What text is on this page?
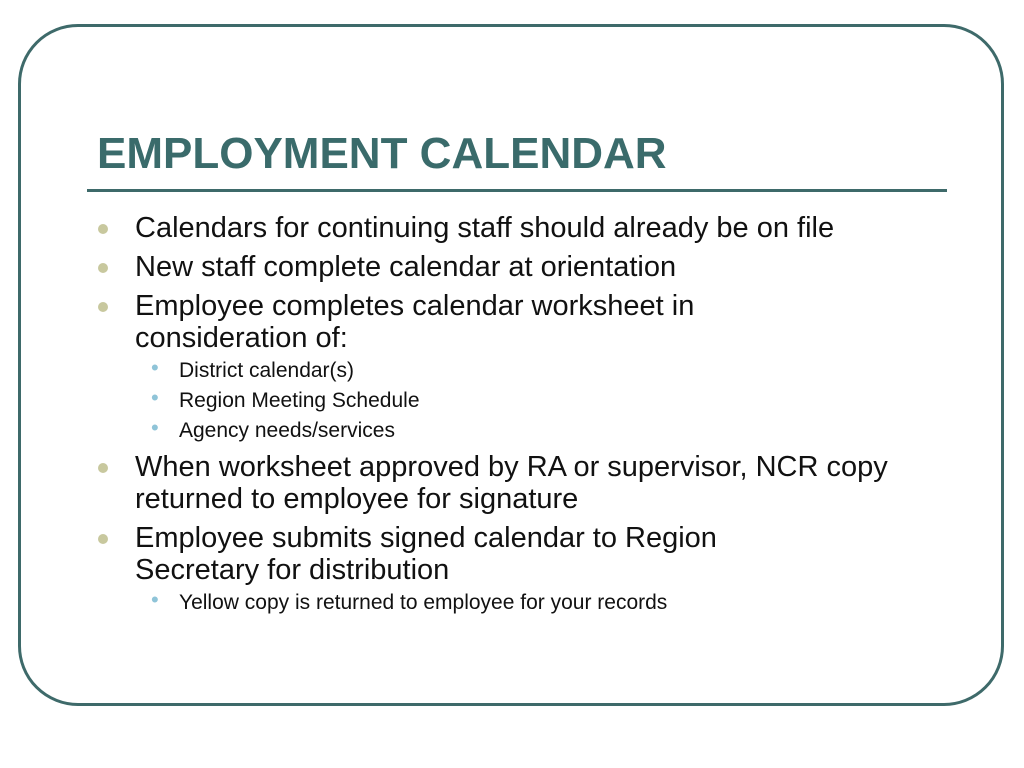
EMPLOYMENT CALENDAR
Calendars for continuing staff should already be on file
New staff complete calendar at orientation
Employee completes calendar worksheet in consideration of:
• District calendar(s)
• Region Meeting Schedule
• Agency needs/services
When worksheet approved by RA or supervisor, NCR copy returned to employee for signature
Employee submits signed calendar to Region Secretary for distribution
• Yellow copy is returned to employee for your records
